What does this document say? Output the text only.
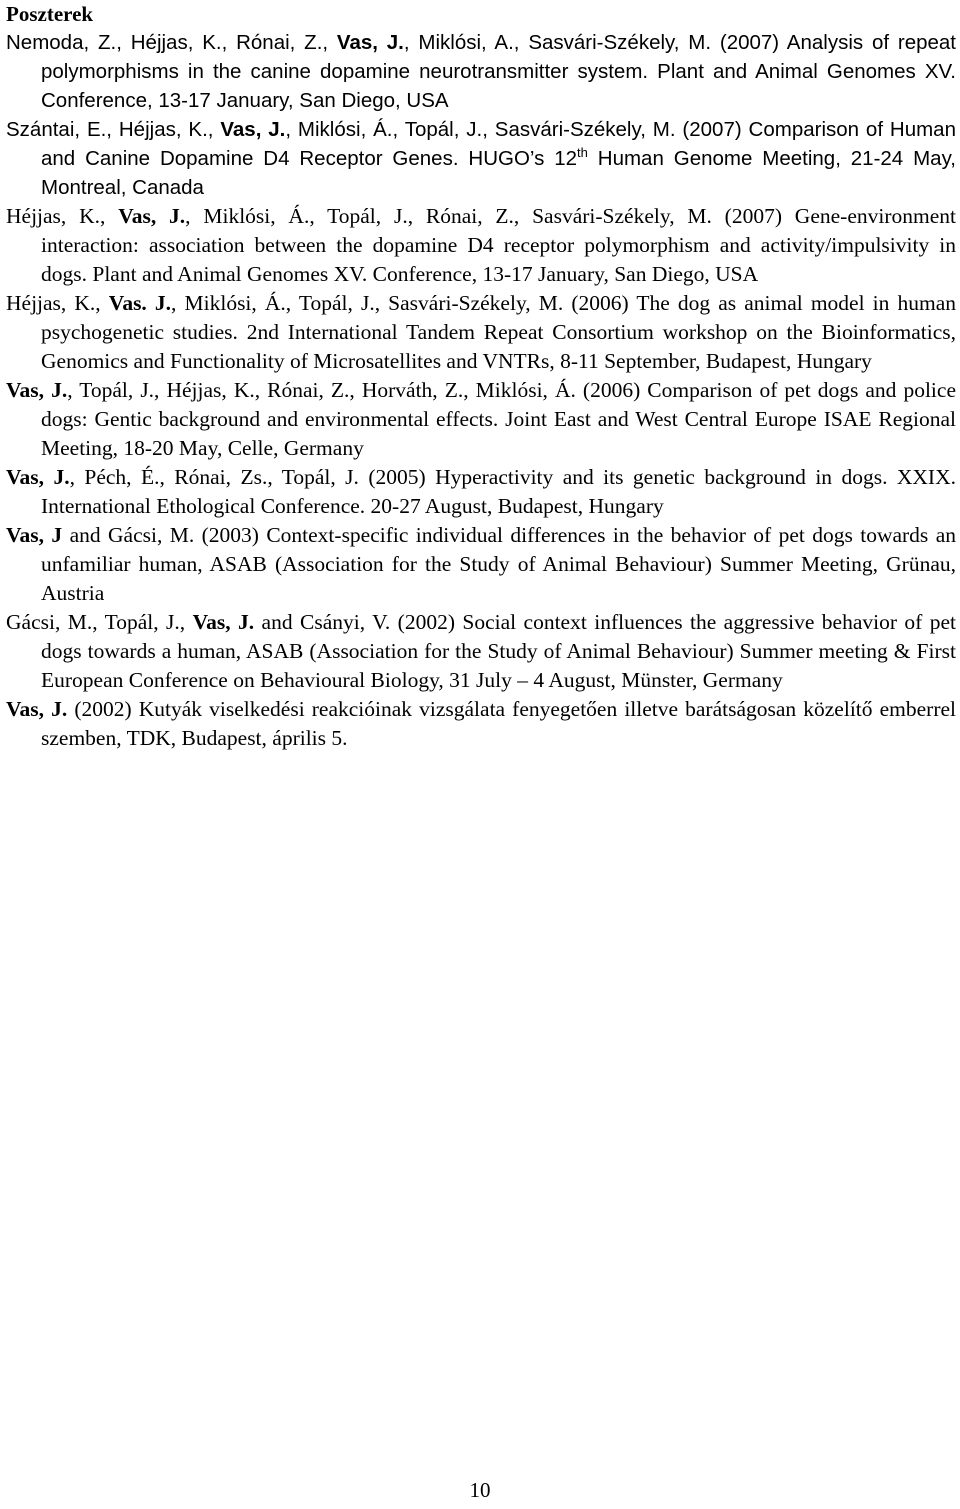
Poszterek

Nemoda, Z., Héjjas, K., Rónai, Z., Vas, J., Miklósi, A., Sasvári-Székely, M. (2007) Analysis of repeat polymorphisms in the canine dopamine neurotransmitter system. Plant and Animal Genomes XV. Conference, 13-17 January, San Diego, USA

Szántai, E., Héjjas, K., Vas, J., Miklósi, Á., Topál, J., Sasvári-Székely, M. (2007) Comparison of Human and Canine Dopamine D4 Receptor Genes. HUGO’s 12th Human Genome Meeting, 21-24 May, Montreal, Canada

Héjjas, K., Vas, J., Miklósi, Á., Topál, J., Rónai, Z., Sasvári-Székely, M. (2007) Gene-environment interaction: association between the dopamine D4 receptor polymorphism and activity/impulsivity in dogs. Plant and Animal Genomes XV. Conference, 13-17 January, San Diego, USA

Héjjas, K., Vas. J., Miklósi, Á., Topál, J., Sasvári-Székely, M. (2006) The dog as animal model in human psychogenetic studies. 2nd International Tandem Repeat Consortium workshop on the Bioinformatics, Genomics and Functionality of Microsatellites and VNTRs, 8-11 September, Budapest, Hungary

Vas, J., Topál, J., Héjjas, K., Rónai, Z., Horváth, Z., Miklósi, Á. (2006) Comparison of pet dogs and police dogs: Gentic background and environmental effects. Joint East and West Central Europe ISAE Regional Meeting, 18-20 May, Celle, Germany

Vas, J., Péch, É., Rónai, Zs., Topál, J. (2005) Hyperactivity and its genetic background in dogs. XXIX. International Ethological Conference. 20-27 August, Budapest, Hungary

Vas, J and Gácsi, M. (2003) Context-specific individual differences in the behavior of pet dogs towards an unfamiliar human, ASAB (Association for the Study of Animal Behaviour) Summer Meeting, Grünau, Austria

Gácsi, M., Topál, J., Vas, J. and Csányi, V. (2002) Social context influences the aggressive behavior of pet dogs towards a human, ASAB (Association for the Study of Animal Behaviour) Summer meeting & First European Conference on Behavioural Biology, 31 July – 4 August, Münster, Germany

Vas, J. (2002) Kutyák viselkedési reakcióinak vizsgálata fenyegetően illetve barátságosan közelítő emberrel szemben, TDK, Budapest, április 5.

10
